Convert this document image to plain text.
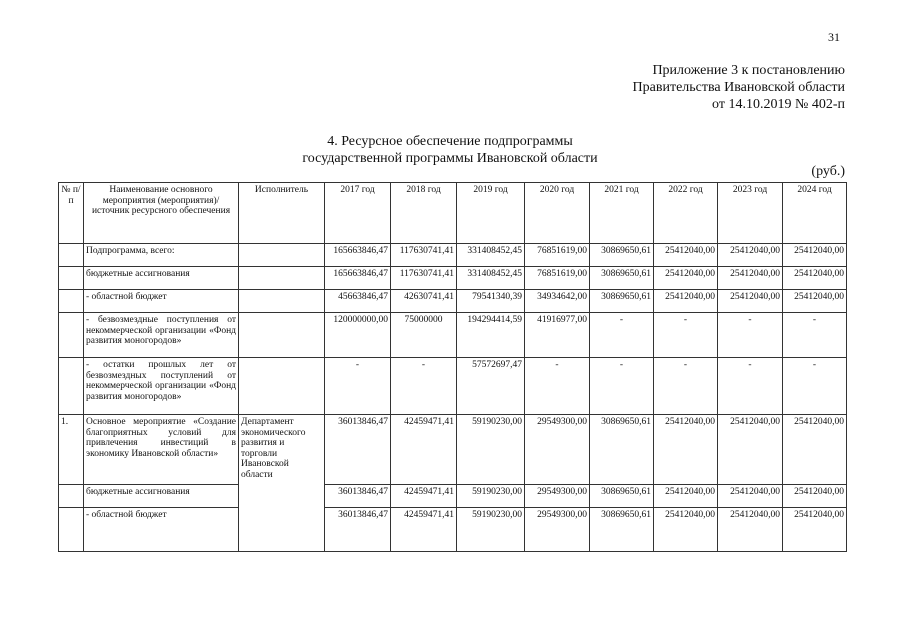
31
Приложение 3 к постановлению
Правительства Ивановской области
от 14.10.2019 № 402-п
4. Ресурсное обеспечение подпрограммы
государственной программы Ивановской области
(руб.)
№ п/п	Наименование основного мероприятия (мероприятия)/источник ресурсного обеспечения	Исполнитель	2017 год	2018 год	2019 год	2020 год	2021 год	2022 год	2023 год	2024 год
	Подпрограмма, всего:		165663846,47	117630741,41	331408452,45	76851619,00	30869650,61	25412040,00	25412040,00	25412040,00
	бюджетные ассигнования		165663846,47	117630741,41	331408452,45	76851619,00	30869650,61	25412040,00	25412040,00	25412040,00
	- областной бюджет		45663846,47	42630741,41	79541340,39	34934642,00	30869650,61	25412040,00	25412040,00	25412040,00
	- безвозмездные поступления от некоммерческой организации «Фонд развития моногородов»		120000000,00	75000000	194294414,59	41916977,00	-	-	-	-
	- остатки прошлых лет от безвозмездных поступлений от некоммерческой организации «Фонд развития моногородов»		-	-	57572697,47	-	-	-	-	-
1.	Основное мероприятие «Создание благоприятных условий для привлечения инвестиций в экономику Ивановской области»	Департамент экономического развития и торговли Ивановской области	36013846,47	42459471,41	59190230,00	29549300,00	30869650,61	25412040,00	25412040,00	25412040,00
	бюджетные ассигнования		36013846,47	42459471,41	59190230,00	29549300,00	30869650,61	25412040,00	25412040,00	25412040,00
	- областной бюджет		36013846,47	42459471,41	59190230,00	29549300,00	30869650,61	25412040,00	25412040,00	25412040,00
